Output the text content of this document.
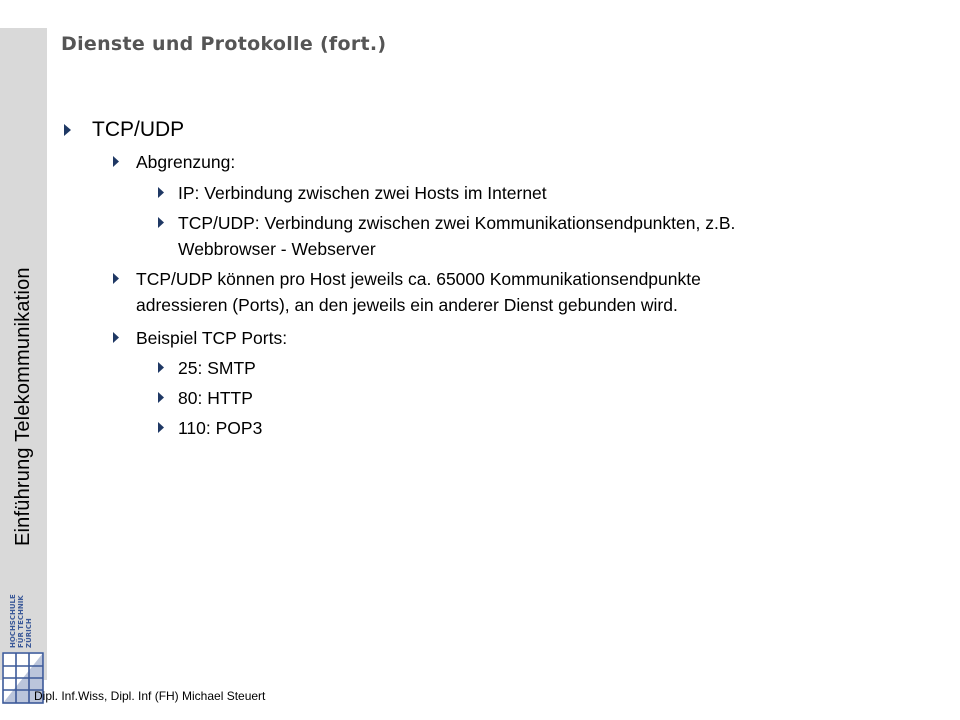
Einführung Telekommunikation
HOCHSCHULE FÜR TECHNIK ZÜRICH
Dienste und Protokolle (fort.)
TCP/UDP
Abgrenzung:
IP: Verbindung zwischen zwei Hosts im Internet
TCP/UDP: Verbindung zwischen zwei Kommunikationsendpunkten, z.B.
Webbrowser - Webserver
TCP/UDP können pro Host jeweils ca. 65000 Kommunikationsendpunkte
adressieren (Ports), an den jeweils ein anderer Dienst gebunden wird.
Beispiel TCP Ports:
25: SMTP
80: HTTP
110: POP3
Dipl. Inf.Wiss, Dipl. Inf (FH) Michael Steuert
